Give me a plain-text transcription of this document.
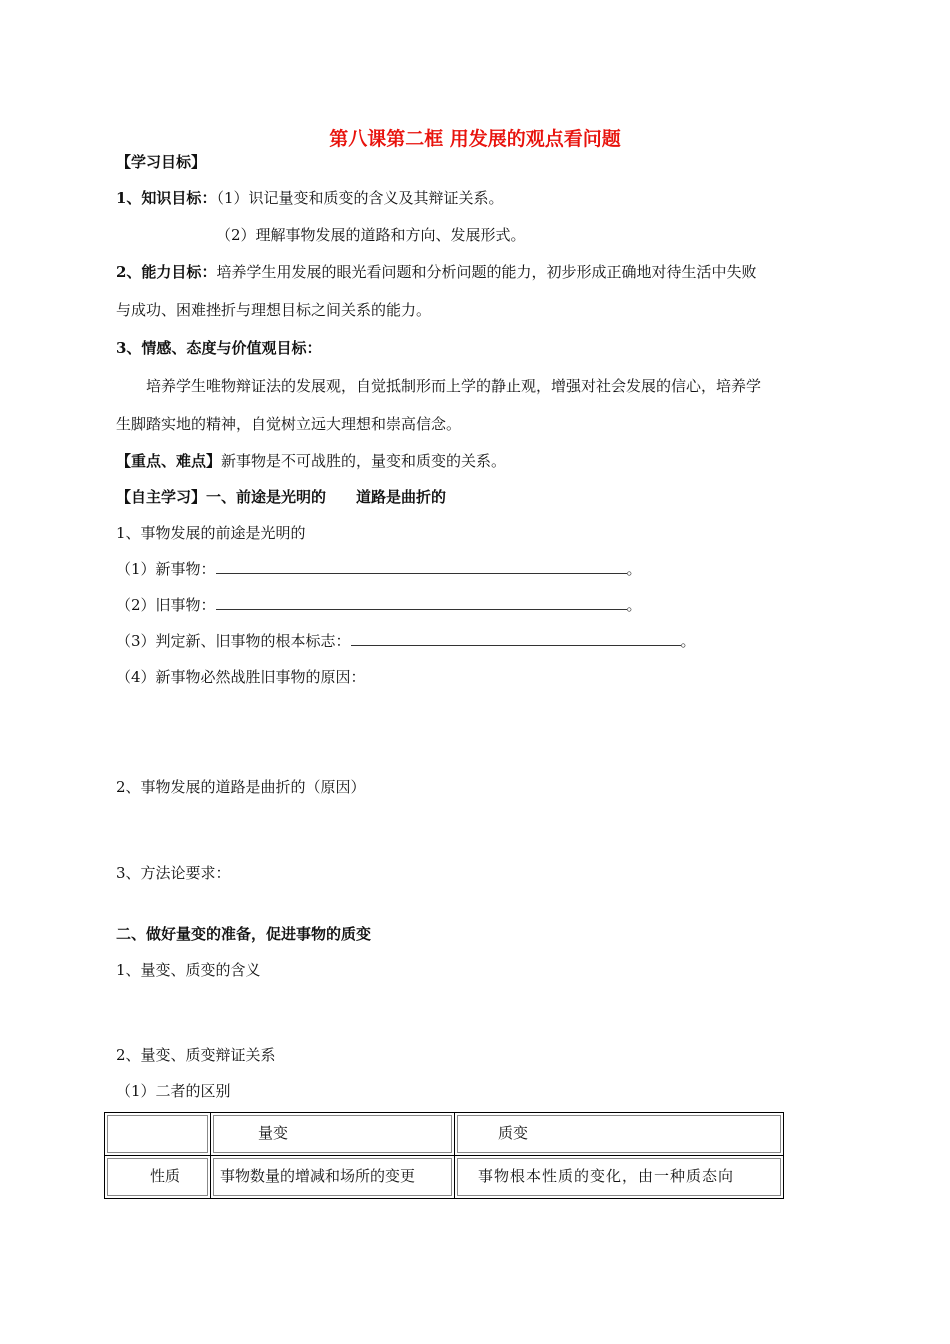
第八课第二框 用发展的观点看问题
【学习目标】
1、知识目标：（1）识记量变和质变的含义及其辩证关系。
（2）理解事物发展的道路和方向、发展形式。
2、能力目标：培养学生用发展的眼光看问题和分析问题的能力，初步形成正确地对待生活中失败
与成功、困难挫折与理想目标之间关系的能力。
3、情感、态度与价值观目标：
培养学生唯物辩证法的发展观，自觉抵制形而上学的静止观，增强对社会发展的信心，培养学
生脚踏实地的精神，自觉树立远大理想和崇高信念。
【重点、难点】新事物是不可战胜的，量变和质变的关系。
【自主学习】一、前途是光明的　　道路是曲折的
1、事物发展的前途是光明的
（1）新事物：	。
（2）旧事物：	。
（3）判定新、旧事物的根本标志：	。
（4）新事物必然战胜旧事物的原因：
2、事物发展的道路是曲折的（原因）
3、方法论要求：
二、做好量变的准备，促进事物的质变
1、量变、质变的含义
2、量变、质变辩证关系
（1）二者的区别

	量变	质变

性质	事物数量的增减和场所的变更	事物根本性质的变化，由一种质态向
